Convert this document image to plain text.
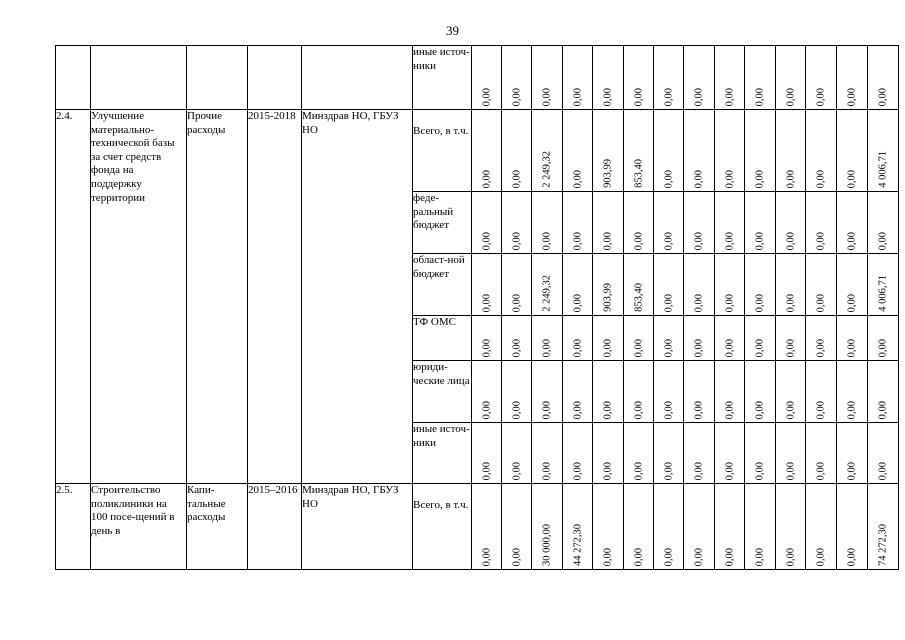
39
					иные источ-ники	0,00	0,00	0,00	0,00	0,00	0,00	0,00	0,00	0,00	0,00	0,00	0,00	0,00	0,00

2.4.	Улучшение материально-технической базы за счет средств фонда на поддержку территории	Прочие расходы	2015-2018	Минздрав НО, ГБУЗ НО	Всего, в т.ч.	0,00	0,00	2 249,32	0,00	903,99	853,40	0,00	0,00	0,00	0,00	0,00	0,00	0,00	4 006,71

					феде-ральный бюджет	0,00	0,00	0,00	0,00	0,00	0,00	0,00	0,00	0,00	0,00	0,00	0,00	0,00	0,00

					област-ной бюджет	0,00	0,00	2 249,32	0,00	903,99	853,40	0,00	0,00	0,00	0,00	0,00	0,00	0,00	4 006,71

					ТФ ОМС	0,00	0,00	0,00	0,00	0,00	0,00	0,00	0,00	0,00	0,00	0,00	0,00	0,00	0,00

					юриди-ческие лица	0,00	0,00	0,00	0,00	0,00	0,00	0,00	0,00	0,00	0,00	0,00	0,00	0,00	0,00

					иные источ-ники	0,00	0,00	0,00	0,00	0,00	0,00	0,00	0,00	0,00	0,00	0,00	0,00	0,00	0,00

2.5.	Строительство поликлиники на 100 посе-щений в день в	Капи-тальные расходы	2015–2016	Минздрав НО, ГБУЗ НО	Всего, в т.ч.	0,00	0,00	30 000,00	44 272,30	0,00	0,00	0,00	0,00	0,00	0,00	0,00	0,00	0,00	74 272,30
